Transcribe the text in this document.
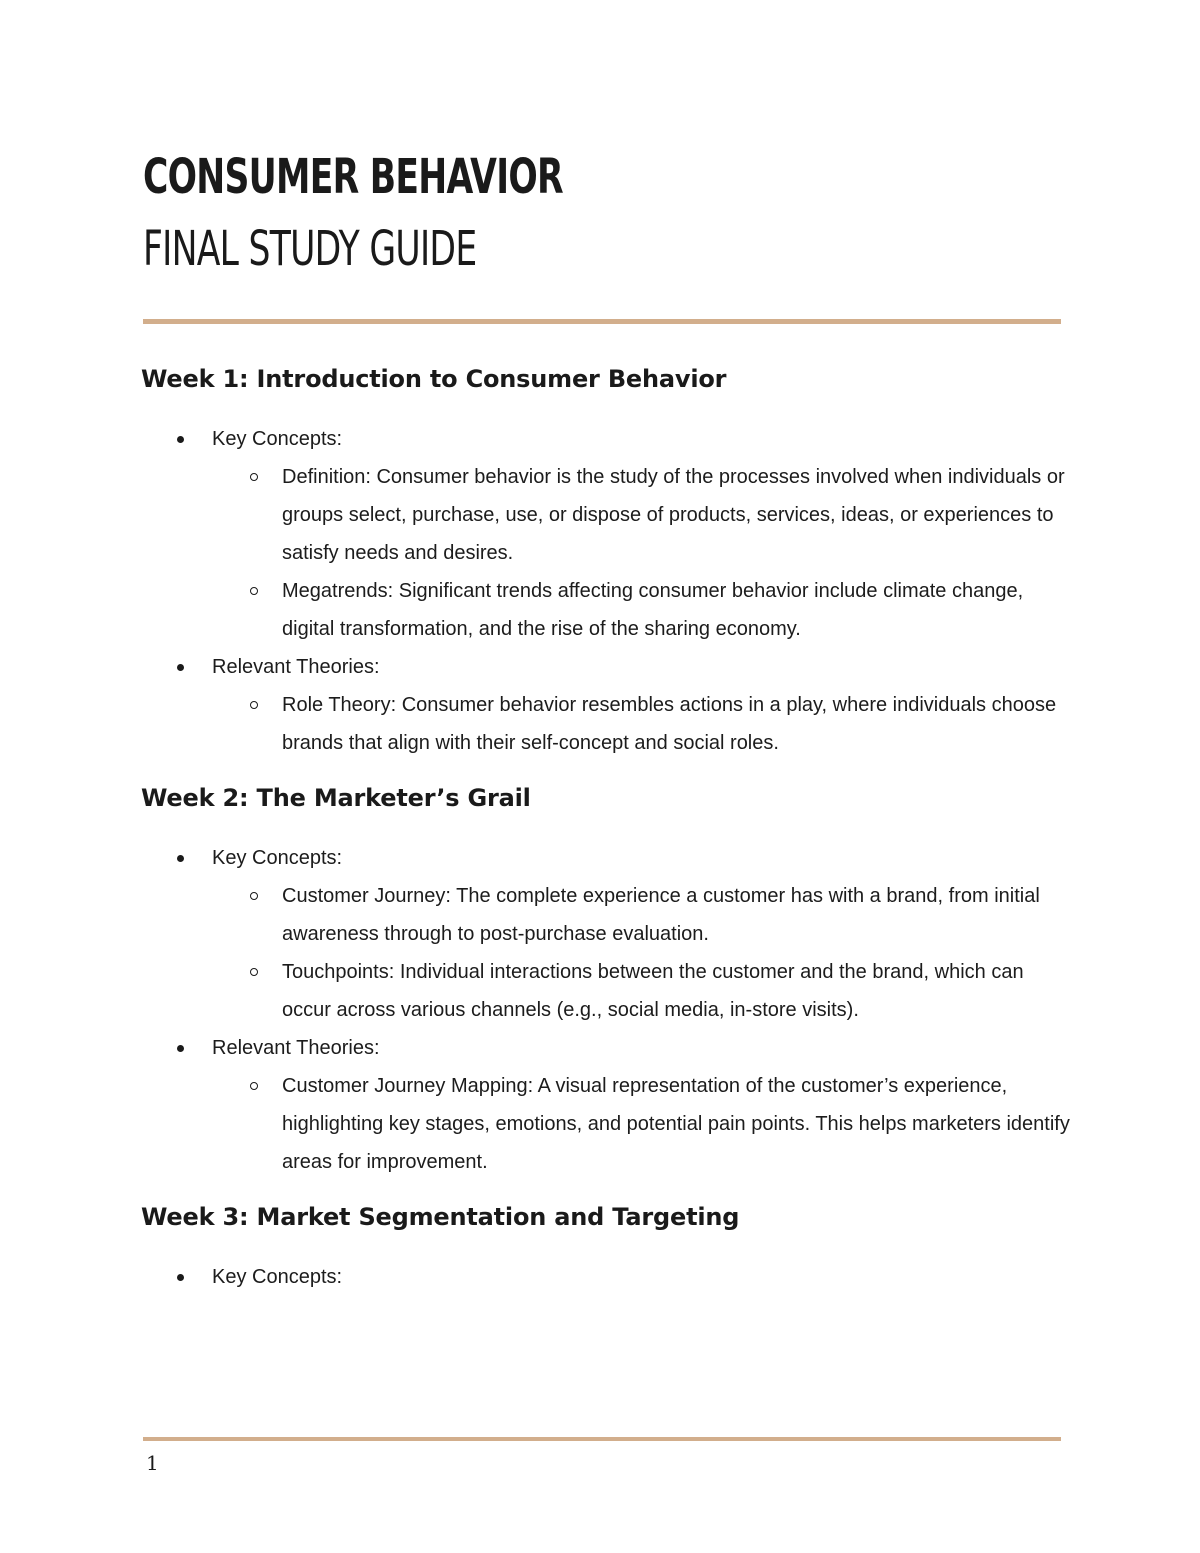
CONSUMER BEHAVIOR
FINAL STUDY GUIDE
Week 1: Introduction to Consumer Behavior
Key Concepts:
Definition: Consumer behavior is the study of the processes involved when individuals or groups select, purchase, use, or dispose of products, services, ideas, or experiences to satisfy needs and desires.
Megatrends: Significant trends affecting consumer behavior include climate change, digital transformation, and the rise of the sharing economy.
Relevant Theories:
Role Theory: Consumer behavior resembles actions in a play, where individuals choose brands that align with their self-concept and social roles.
Week 2: The Marketer’s Grail
Key Concepts:
Customer Journey: The complete experience a customer has with a brand, from initial awareness through to post-purchase evaluation.
Touchpoints: Individual interactions between the customer and the brand, which can occur across various channels (e.g., social media, in-store visits).
Relevant Theories:
Customer Journey Mapping: A visual representation of the customer’s experience, highlighting key stages, emotions, and potential pain points. This helps marketers identify areas for improvement.
Week 3: Market Segmentation and Targeting
Key Concepts:
1
